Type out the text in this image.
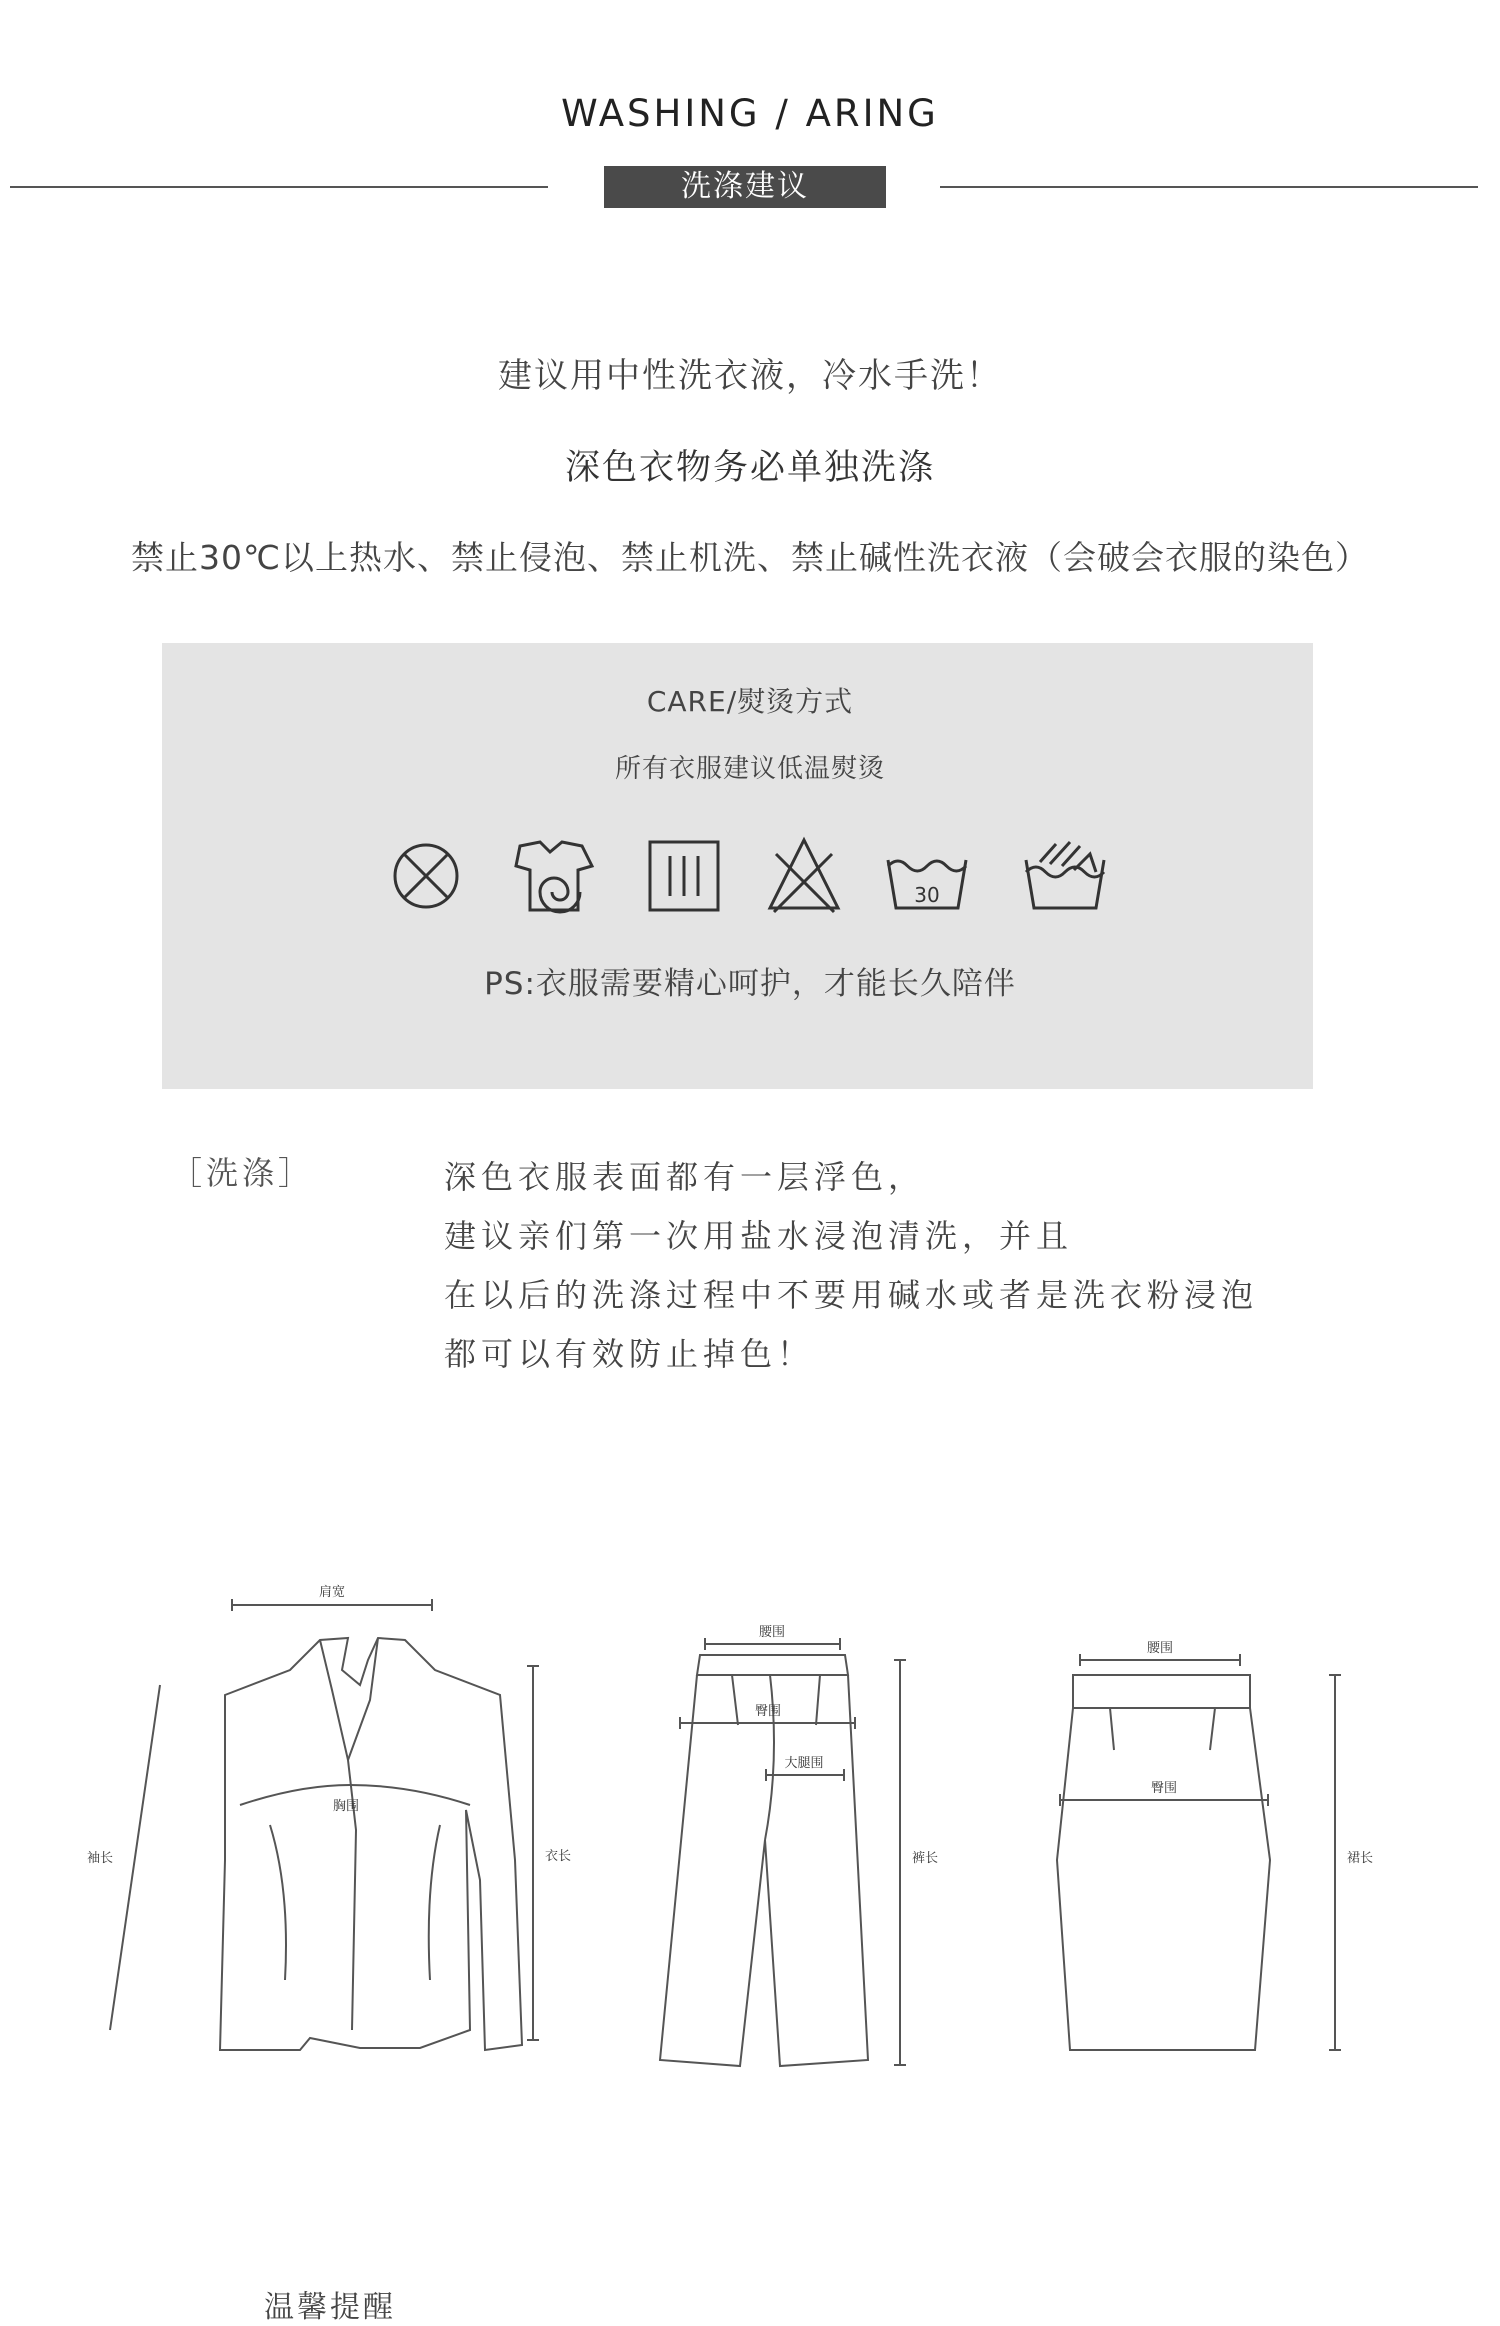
WASHING / ARING
洗涤建议
建议用中性洗衣液，冷水手洗！
深色衣物务必单独洗涤
禁止30℃以上热水、禁止侵泡、禁止机洗、禁止碱性洗衣液（会破会衣服的染色）
CARE/熨烫方式
所有衣服建议低温熨烫
30
PS:衣服需要精心呵护，才能长久陪伴
［洗涤］	深色衣服表面都有一层浮色，
建议亲们第一次用盐水浸泡清洗，并且
在以后的洗涤过程中不要用碱水或者是洗衣粉浸泡
都可以有效防止掉色！
肩宽
胸围
袖长	衣长
腰围
臀围
大腿围
裤长
腰围
臀围
裙长
温馨提醒
